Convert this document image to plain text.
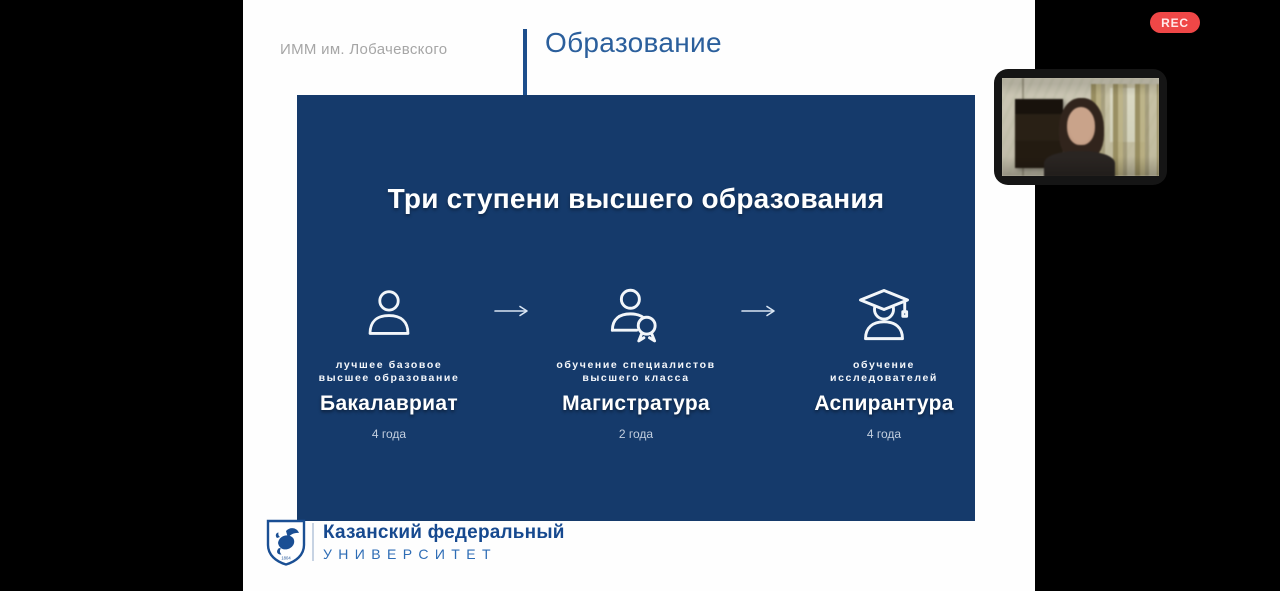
ИММ им. Лобачевского	Образование
Три ступени высшего образования
лучшее базовое
высшее образование
Бакалавриат
4 года
обучение специалистов
высшего класса
Магистратура
2 года
обучение
исследователей
Аспирантура
4 года
1804
Казанский федеральный
УНИВЕРСИТЕТ
REC
